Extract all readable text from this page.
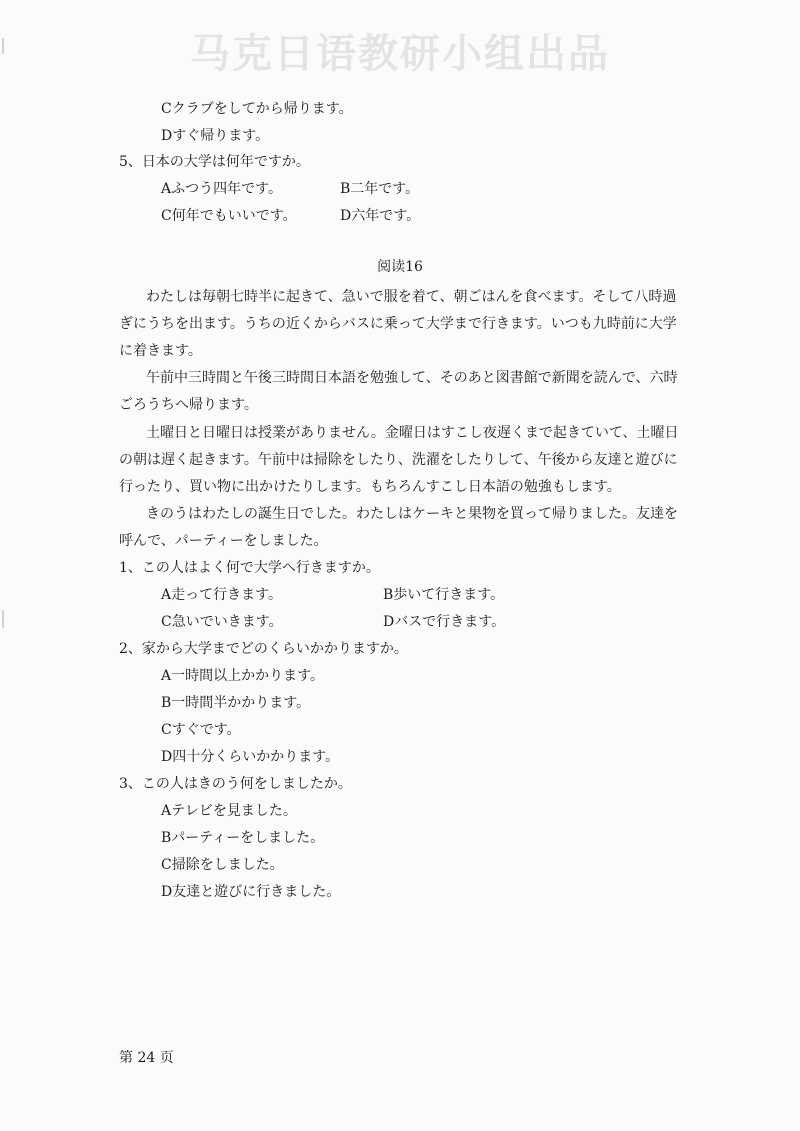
马克日语教研小组出品
Cクラブをしてから帰ります。
Dすぐ帰ります。
5、日本の大学は何年ですか。
Aふつう四年です。	B二年です。
C何年でもいいです。	D六年です。
阅读16
わたしは毎朝七時半に起きて、急いで服を着て、朝ごはんを食べます。そして八時過
ぎにうちを出ます。うちの近くからバスに乗って大学まで行きます。いつも九時前に大学
に着きます。
午前中三時間と午後三時間日本語を勉強して、そのあと図書館で新聞を読んで、六時
ごろうちへ帰ります。
土曜日と日曜日は授業がありません。金曜日はすこし夜遅くまで起きていて、土曜日
の朝は遅く起きます。午前中は掃除をしたり、洗濯をしたりして、午後から友達と遊びに
行ったり、買い物に出かけたりします。もちろんすこし日本語の勉強もします。
きのうはわたしの誕生日でした。わたしはケーキと果物を買って帰りました。友達を
呼んで、パーティーをしました。
1、この人はよく何で大学へ行きますか。
A走って行きます。	B歩いて行きます。
C急いでいきます。	Dバスで行きます。
2、家から大学までどのくらいかかりますか。
A一時間以上かかります。
B一時間半かかります。
Cすぐです。
D四十分くらいかかります。
3、この人はきのう何をしましたか。
Aテレビを見ました。
Bパーティーをしました。
C掃除をしました。
D友達と遊びに行きました。
第 24 页
